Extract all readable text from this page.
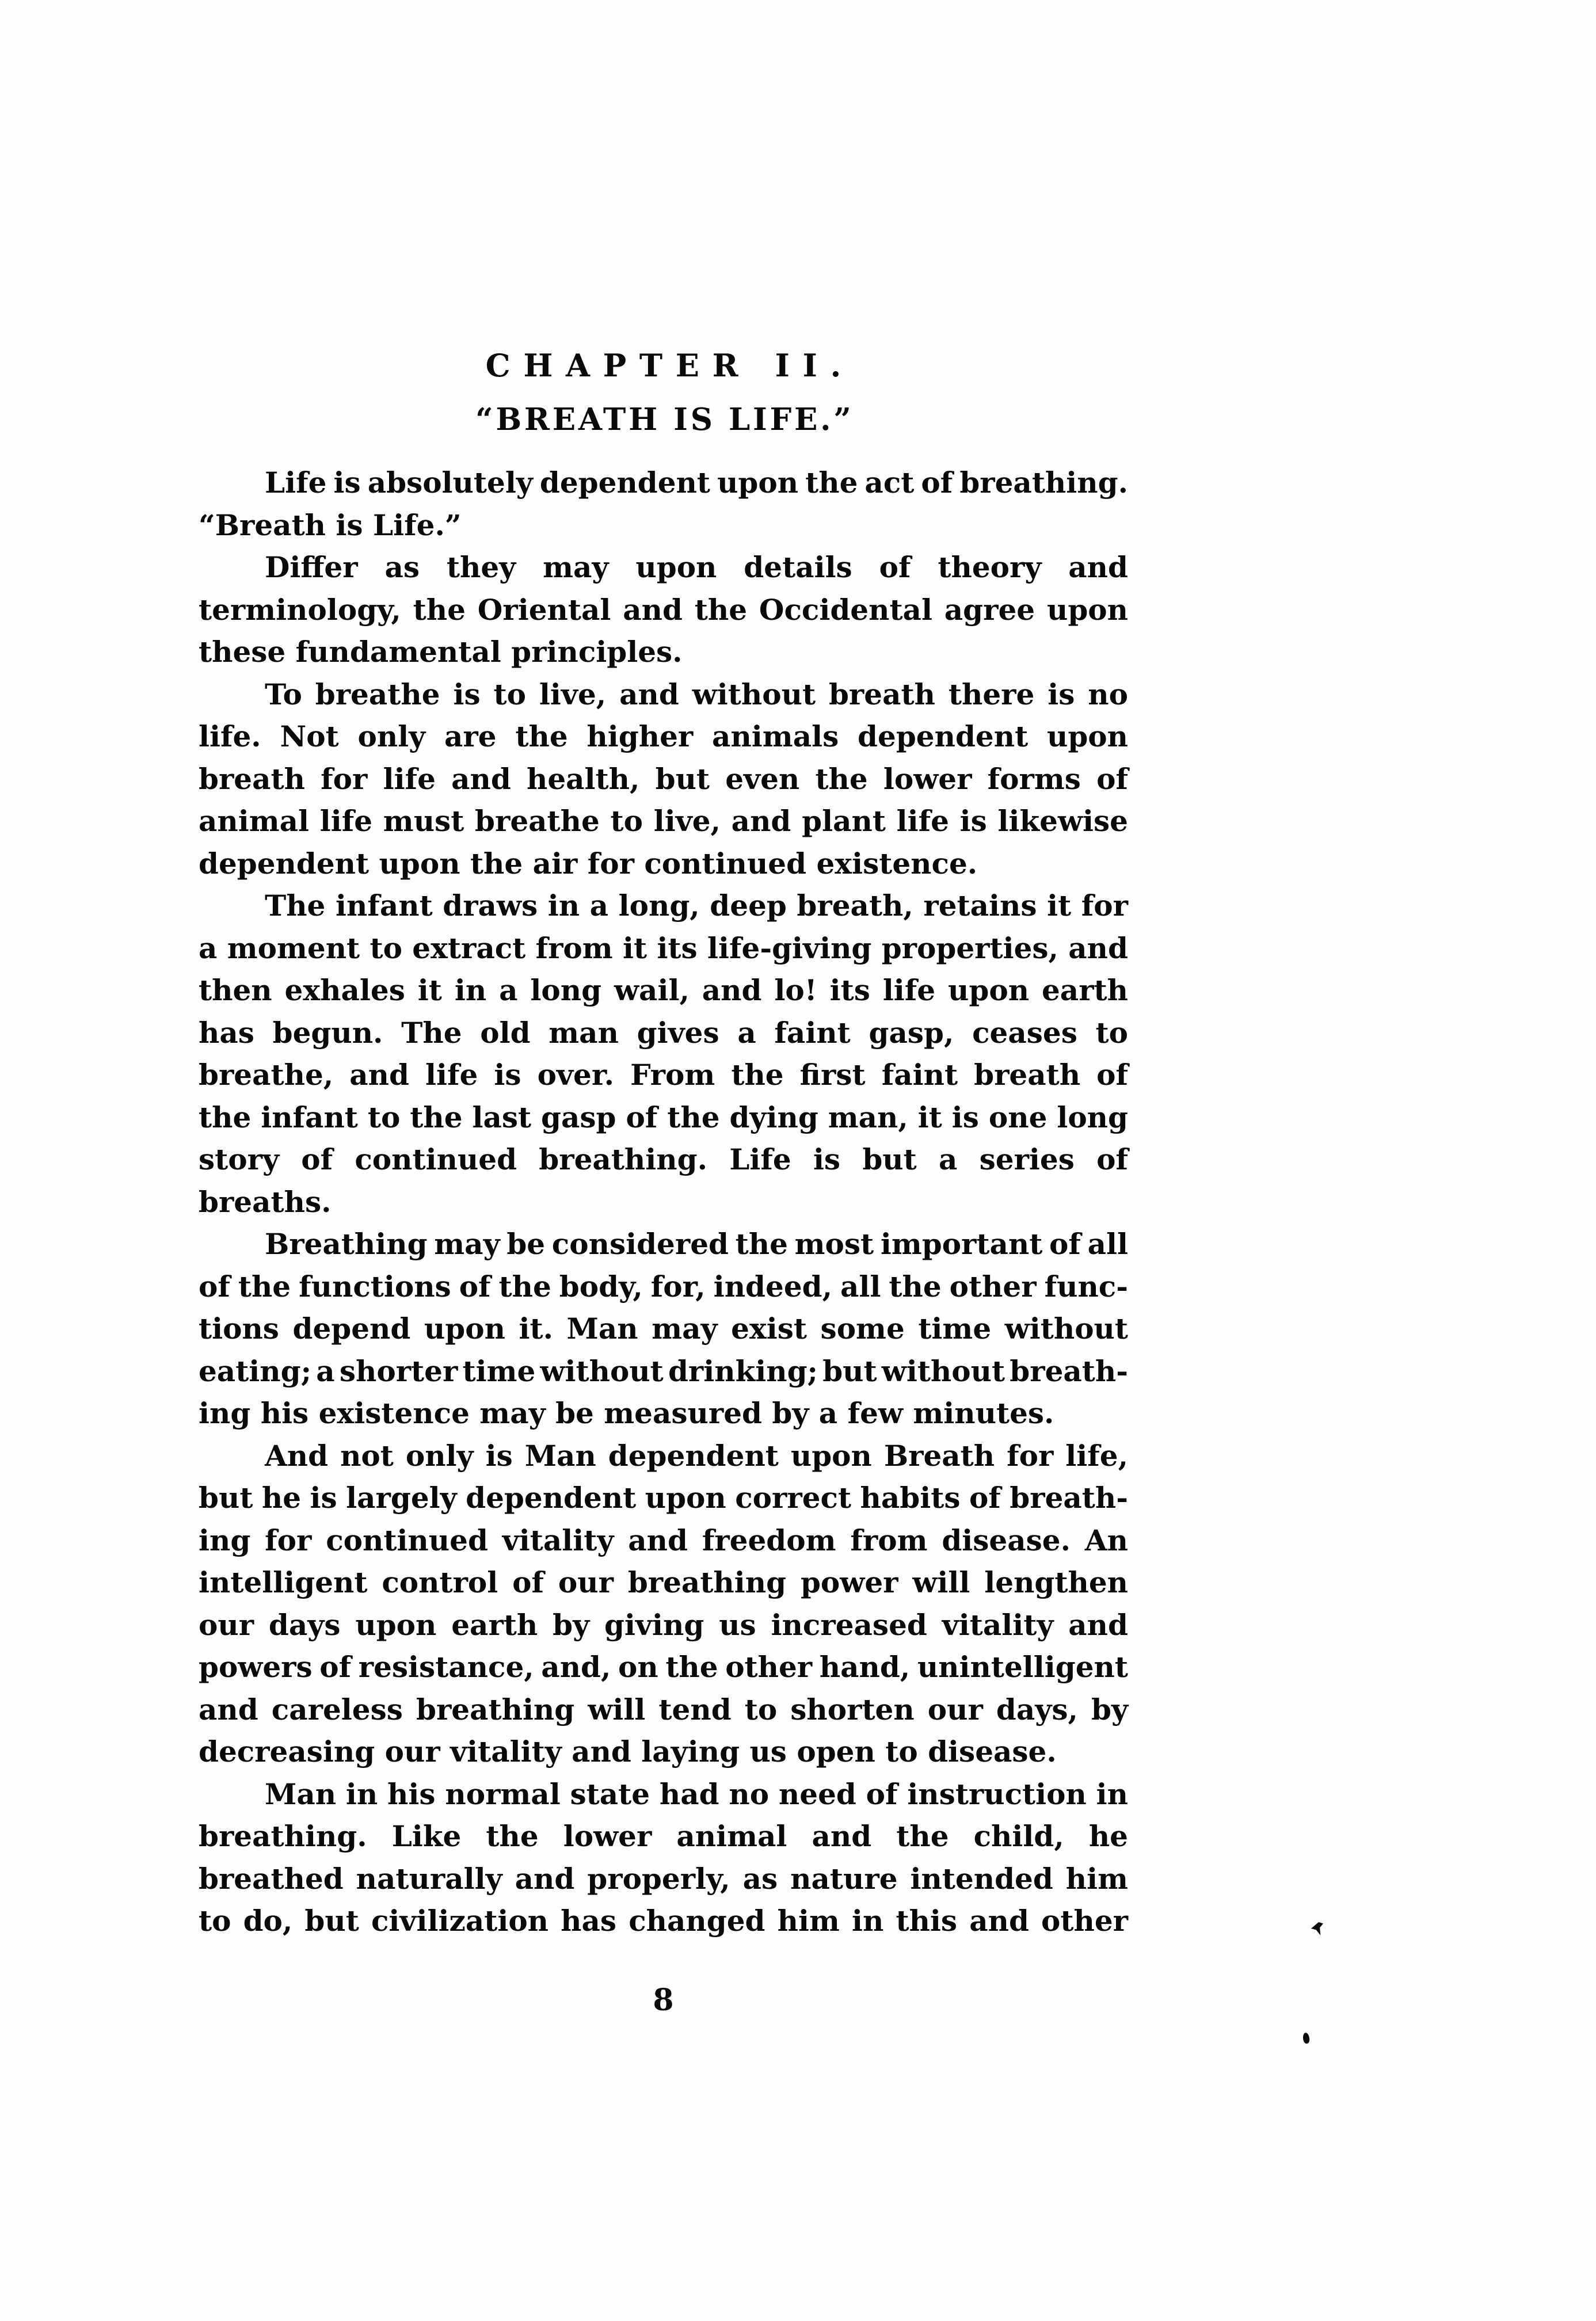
CHAPTER II.
“BREATH IS LIFE.”
Life is absolutely dependent upon the act of breathing.
“Breath is Life.”
Differ as they may upon details of theory and
terminology, the Oriental and the Occidental agree upon
these fundamental principles.
To breathe is to live, and without breath there is no
life. Not only are the higher animals dependent upon
breath for life and health, but even the lower forms of
animal life must breathe to live, and plant life is likewise
dependent upon the air for continued existence.
The infant draws in a long, deep breath, retains it for
a moment to extract from it its life-giving properties, and
then exhales it in a long wail, and lo! its life upon earth
has begun. The old man gives a faint gasp, ceases to
breathe, and life is over. From the first faint breath of
the infant to the last gasp of the dying man, it is one long
story of continued breathing. Life is but a series of
breaths.
Breathing may be considered the most important of all
of the functions of the body, for, indeed, all the other func-
tions depend upon it. Man may exist some time without
eating; a shorter time without drinking; but without breath-
ing his existence may be measured by a few minutes.
And not only is Man dependent upon Breath for life,
but he is largely dependent upon correct habits of breath-
ing for continued vitality and freedom from disease. An
intelligent control of our breathing power will lengthen
our days upon earth by giving us increased vitality and
powers of resistance, and, on the other hand, unintelligent
and careless breathing will tend to shorten our days, by
decreasing our vitality and laying us open to disease.
Man in his normal state had no need of instruction in
breathing. Like the lower animal and the child, he
breathed naturally and properly, as nature intended him
to do, but civilization has changed him in this and other
8
